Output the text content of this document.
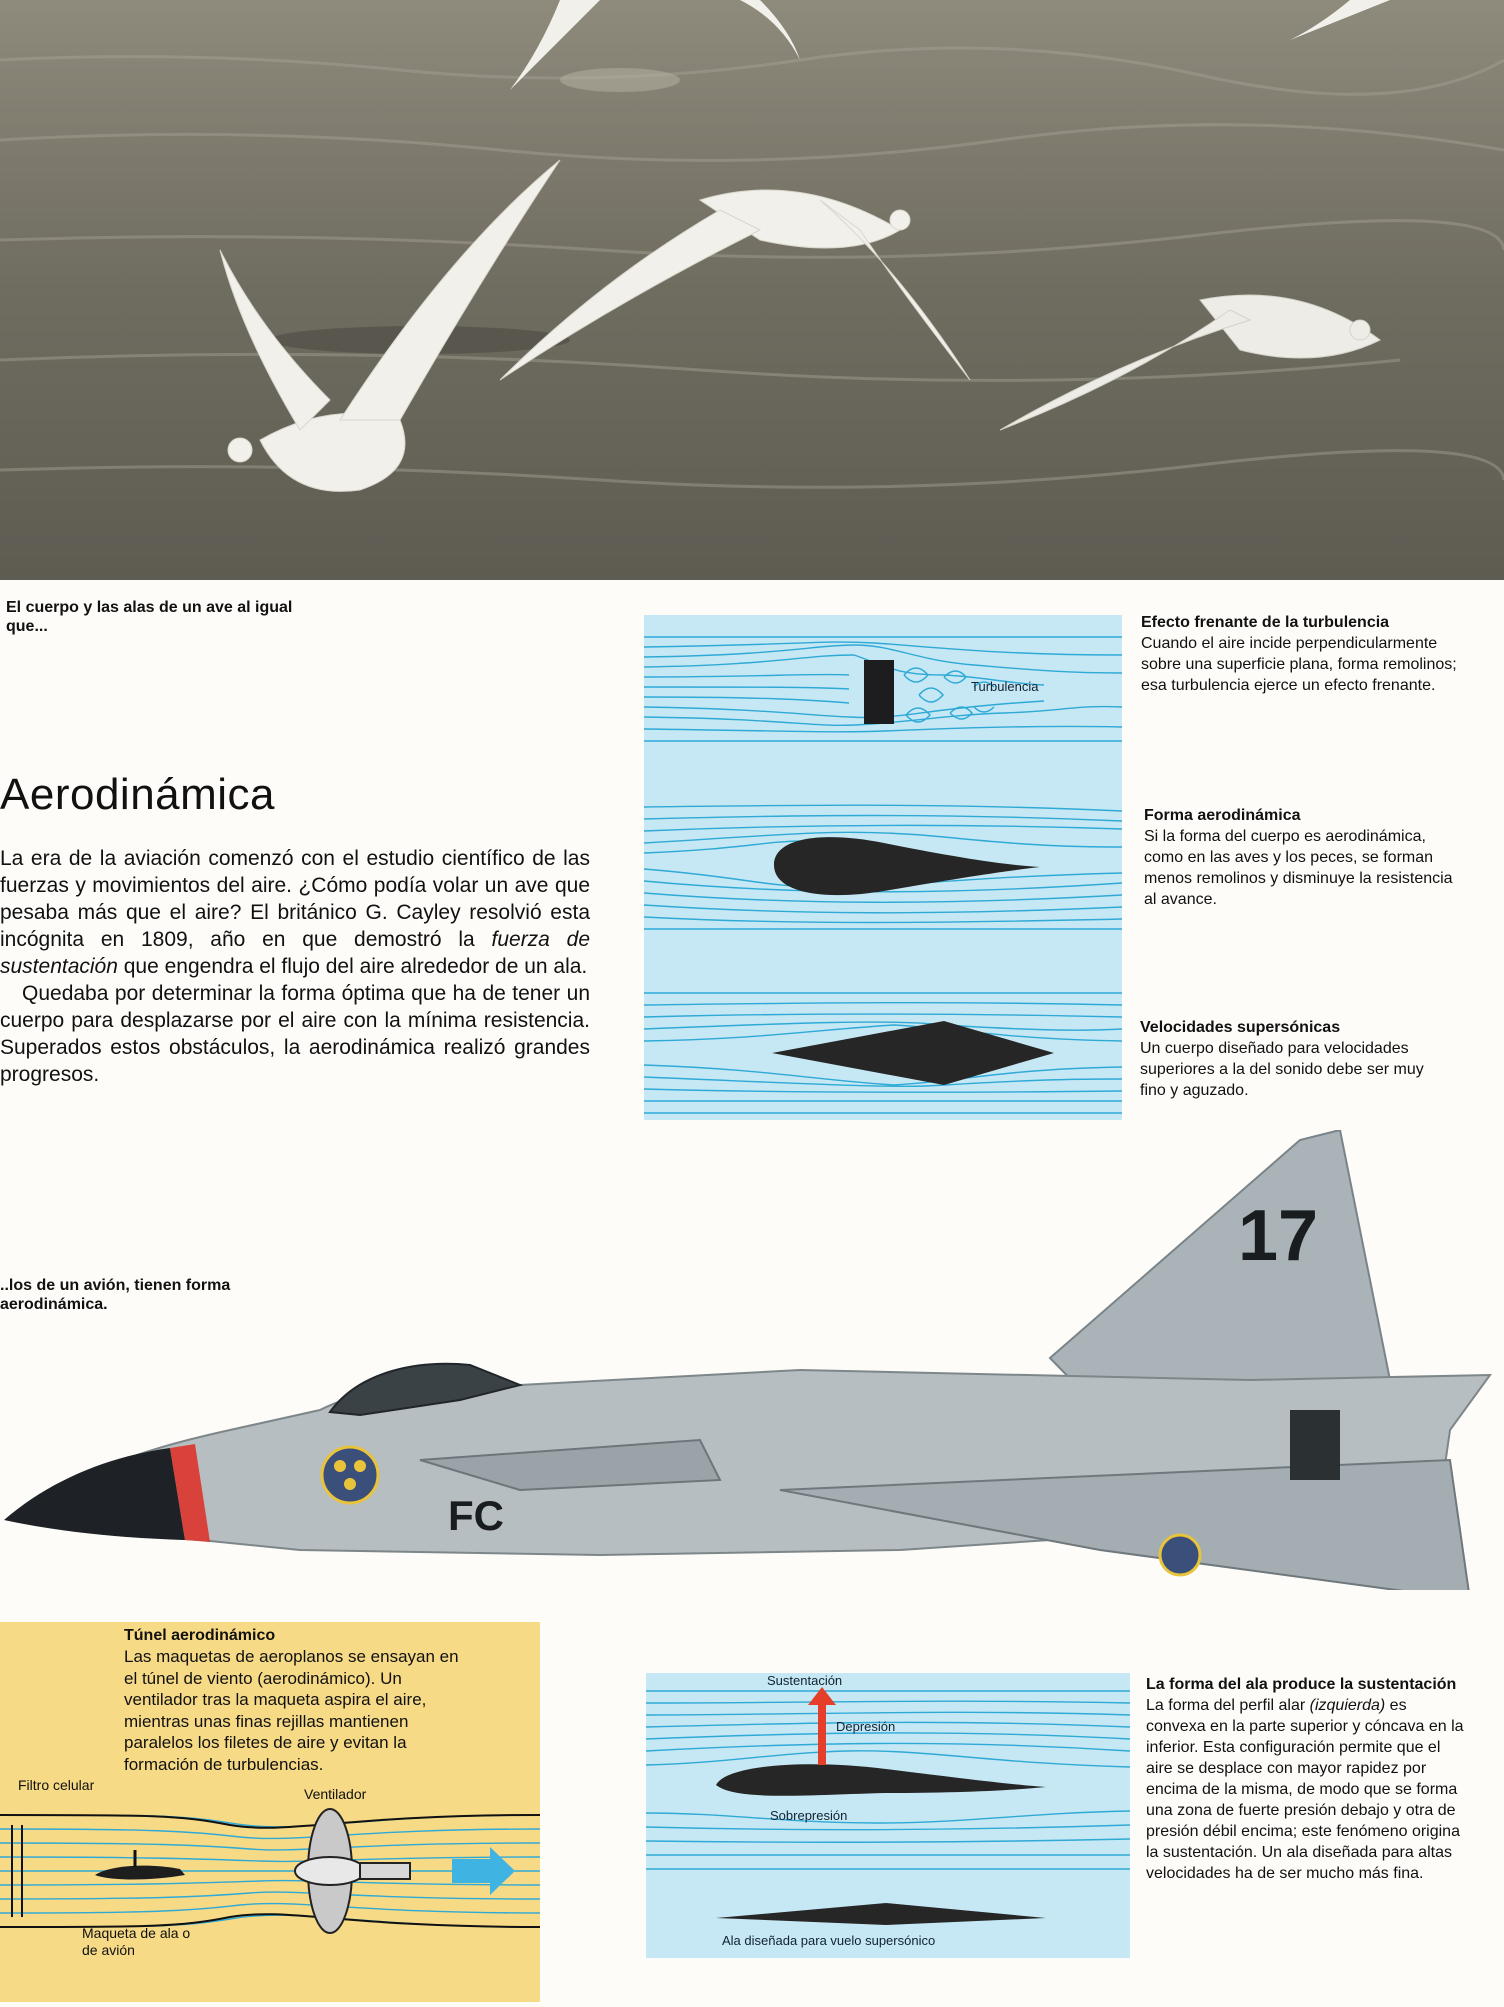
El cuerpo y las alas de un ave al igual que...
Aerodinámica

La era de la aviación comenzó con el estudio científico de las fuerzas y movimientos del aire. ¿Cómo podía volar un ave que pesaba más que el aire? El británico G. Cayley resolvió esta incógnita en 1809, año en que demostró la fuerza de sustentación que engendra el flujo del aire alrededor de un ala.

Quedaba por determinar la forma óptima que ha de tener un cuerpo para desplazarse por el aire con la mínima resistencia. Superados estos obstáculos, la aerodinámica realizó grandes progresos.

Turbulencia
Efecto frenante de la turbulencia

Cuando el aire incide perpendicularmente sobre una superficie plana, forma remolinos; esa turbulencia ejerce un efecto frenante.

Forma aerodinámica

Si la forma del cuerpo es aerodinámica, como en las aves y los peces, se forman menos remolinos y disminuye la resistencia al avance.

Velocidades supersónicas

Un cuerpo diseñado para velocidades superiores a la del sonido debe ser muy fino y aguzado.

..los de un avión, tienen forma aerodinámica.
17
FC
Túnel aerodinámico

Las maquetas de aeroplanos se ensayan en el túnel de viento (aerodinámico). Un ventilador tras la maqueta aspira el aire, mientras unas finas rejillas mantienen paralelos los filetes de aire y evitan la formación de turbulencias.

Filtro celular
Ventilador
Maqueta de ala o de avión
Sustentación
Depresión
Sobrepresión
Ala diseñada para vuelo supersónico
La forma del ala produce la sustentación

La forma del perfil alar (izquierda) es convexa en la parte superior y cóncava en la inferior. Esta configuración permite que el aire se desplace con mayor rapidez por encima de la misma, de modo que se forma una zona de fuerte presión debajo y otra de presión débil encima; este fenómeno origina la sustentación. Un ala diseñada para altas velocidades ha de ser mucho más fina.
